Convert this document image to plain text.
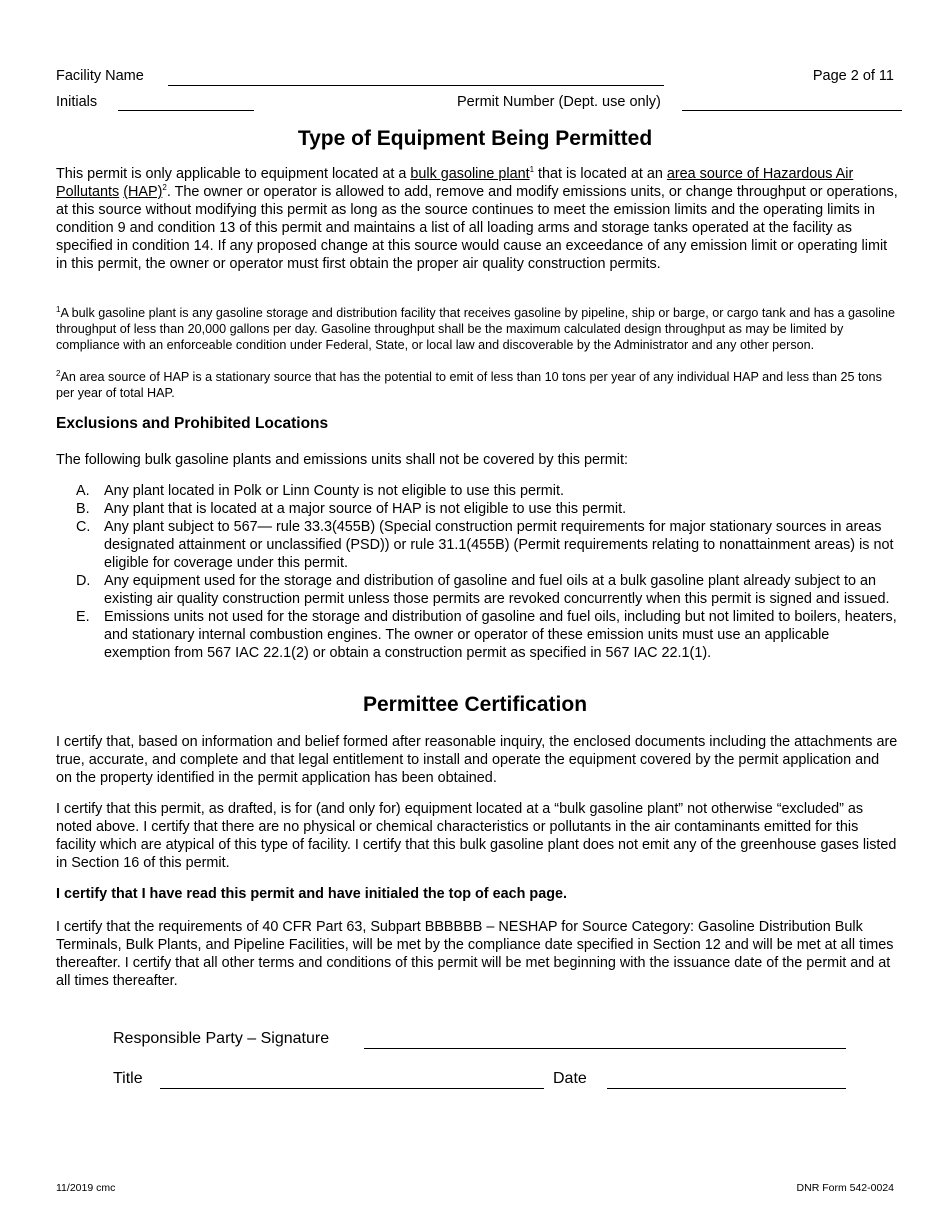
Facility Name	Page 2 of 11
Initials	Permit Number (Dept. use only)
Type of Equipment Being Permitted
This permit is only applicable to equipment located at a bulk gasoline plant$^1$ that is located at an area source of Hazardous Air Pollutants (HAP)$^2$. The owner or operator is allowed to add, remove and modify emissions units, or change throughput or operations, at this source without modifying this permit as long as the source continues to meet the emission limits and the operating limits in condition 9 and condition 13 of this permit and maintains a list of all loading arms and storage tanks operated at the facility as specified in condition 14. If any proposed change at this source would cause an exceedance of any emission limit or operating limit in this permit, the owner or operator must first obtain the proper air quality construction permits.
$^1$A bulk gasoline plant is any gasoline storage and distribution facility that receives gasoline by pipeline, ship or barge, or cargo tank and has a gasoline throughput of less than 20,000 gallons per day. Gasoline throughput shall be the maximum calculated design throughput as may be limited by compliance with an enforceable condition under Federal, State, or local law and discoverable by the Administrator and any other person.
$^2$An area source of HAP is a stationary source that has the potential to emit of less than 10 tons per year of any individual HAP and less than 25 tons per year of total HAP.
Exclusions and Prohibited Locations
The following bulk gasoline plants and emissions units shall not be covered by this permit:
A. Any plant located in Polk or Linn County is not eligible to use this permit.
B. Any plant that is located at a major source of HAP is not eligible to use this permit.
C. Any plant subject to 567— rule 33.3(455B) (Special construction permit requirements for major stationary sources in areas designated attainment or unclassified (PSD)) or rule 31.1(455B) (Permit requirements relating to nonattainment areas) is not eligible for coverage under this permit.
D. Any equipment used for the storage and distribution of gasoline and fuel oils at a bulk gasoline plant already subject to an existing air quality construction permit unless those permits are revoked concurrently when this permit is signed and issued.
E. Emissions units not used for the storage and distribution of gasoline and fuel oils, including but not limited to boilers, heaters, and stationary internal combustion engines. The owner or operator of these emission units must use an applicable exemption from 567 IAC 22.1(2) or obtain a construction permit as specified in 567 IAC 22.1(1).
Permittee Certification
I certify that, based on information and belief formed after reasonable inquiry, the enclosed documents including the attachments are true, accurate, and complete and that legal entitlement to install and operate the equipment covered by the permit application and on the property identified in the permit application has been obtained.
I certify that this permit, as drafted, is for (and only for) equipment located at a “bulk gasoline plant” not otherwise “excluded” as noted above. I certify that there are no physical or chemical characteristics or pollutants in the air contaminants emitted for this facility which are atypical of this type of facility. I certify that this bulk gasoline plant does not emit any of the greenhouse gases listed in Section 16 of this permit.
I certify that I have read this permit and have initialed the top of each page.
I certify that the requirements of 40 CFR Part 63, Subpart BBBBBB – NESHAP for Source Category: Gasoline Distribution Bulk Terminals, Bulk Plants, and Pipeline Facilities, will be met by the compliance date specified in Section 12 and will be met at all times thereafter. I certify that all other terms and conditions of this permit will be met beginning with the issuance date of the permit and at all times thereafter.
Responsible Party – Signature
Title	Date
11/2019 cmc	DNR Form 542-0024
